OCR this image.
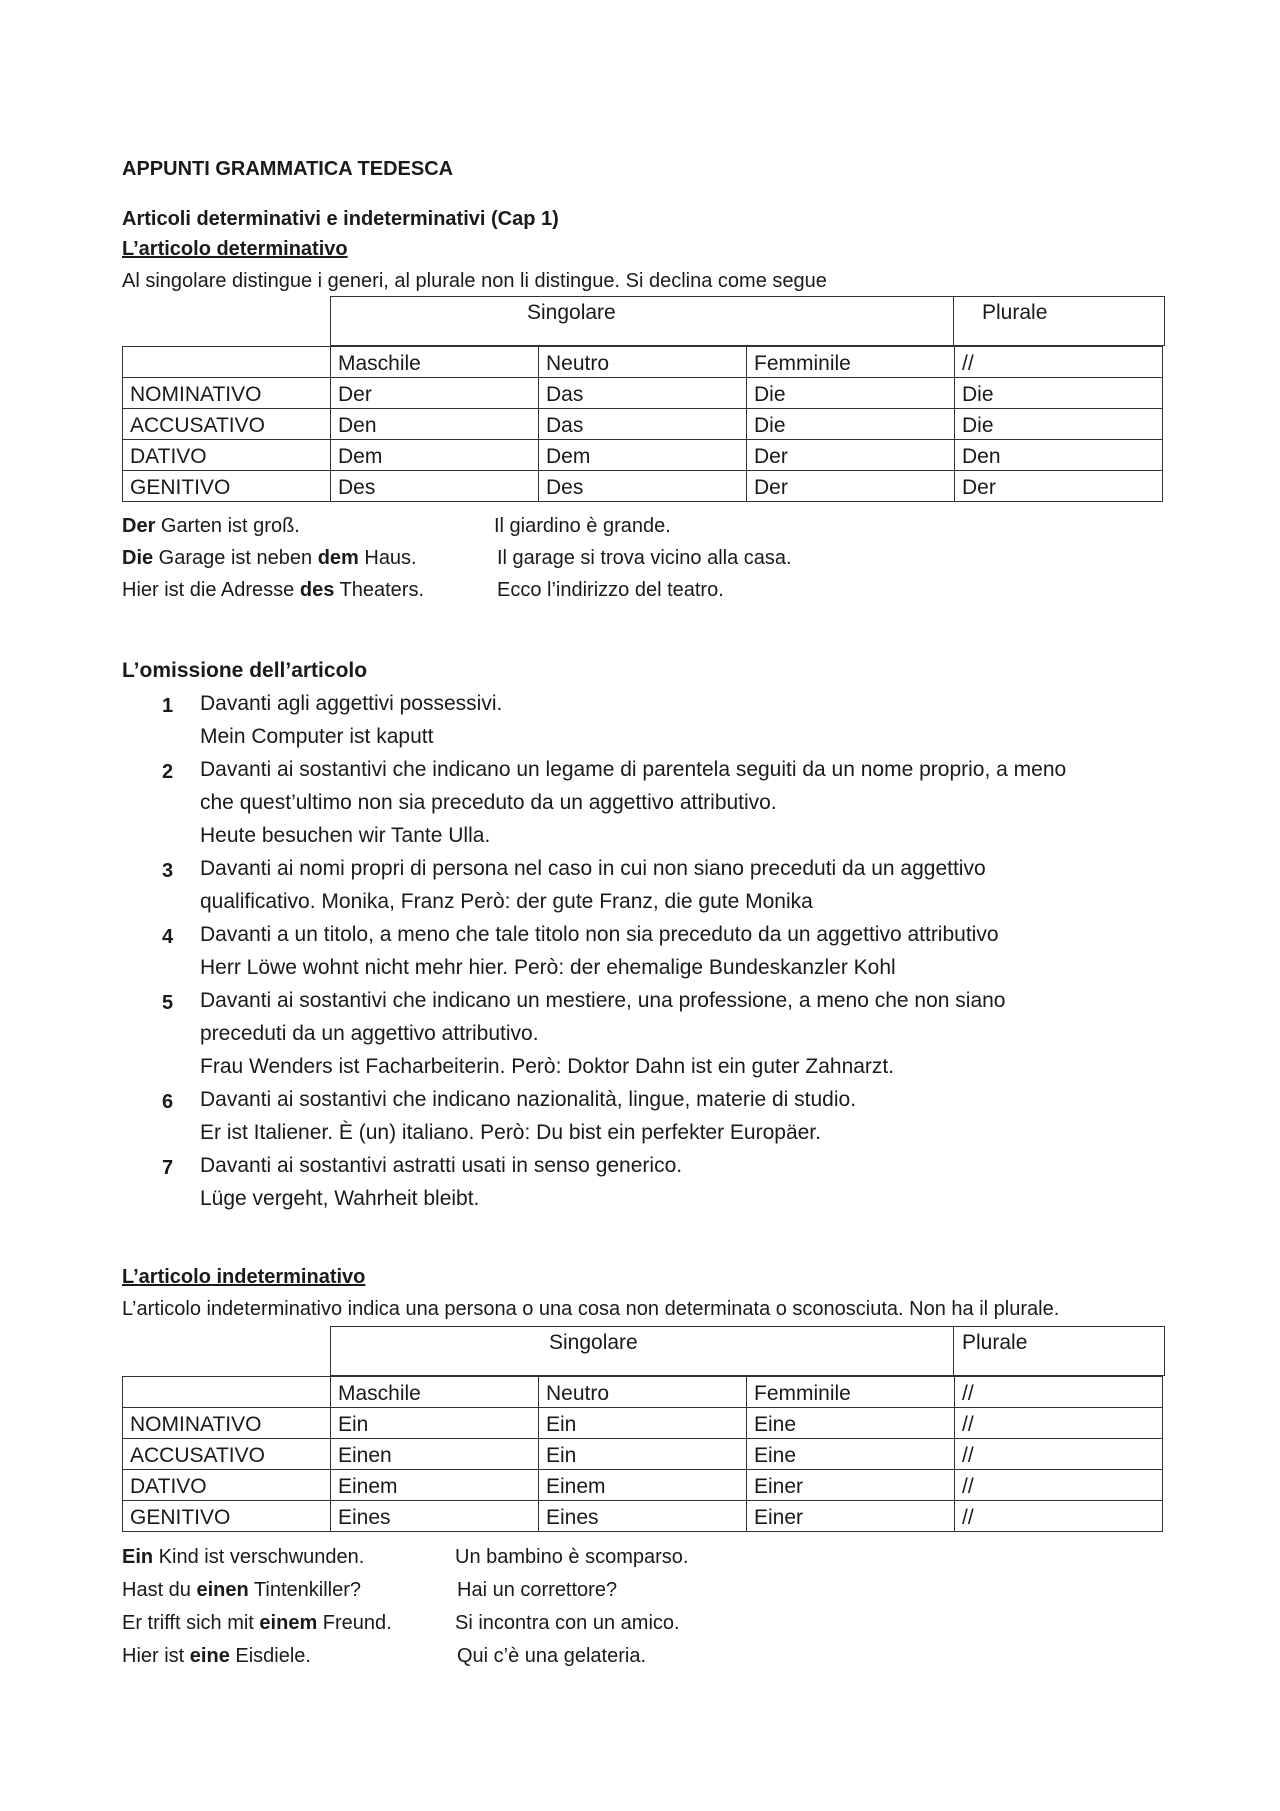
APPUNTI GRAMMATICA TEDESCA
Articoli determinativi e indeterminativi (Cap 1)
L’articolo determinativo
Al singolare distingue i generi, al plurale non li distingue. Si declina come segue
Singolare	Plurale
	Maschile	Neutro	Femminile	//
NOMINATIVO	Der	Das	Die	Die
ACCUSATIVO	Den	Das	Die	Die
DATIVO	Dem	Dem	Der	Den
GENITIVO	Des	Des	Der	Der
Der Garten ist groß.	Il giardino è grande.
Die Garage ist neben dem Haus.	Il garage si trova vicino alla casa.
Hier ist die Adresse des Theaters.	Ecco l’indirizzo del teatro.
L’omissione dell’articolo
1 Davanti agli aggettivi possessivi.
Mein Computer ist kaputt
2 Davanti ai sostantivi che indicano un legame di parentela seguiti da un nome proprio, a meno
che quest’ultimo non sia preceduto da un aggettivo attributivo.
Heute besuchen wir Tante Ulla.
3 Davanti ai nomi propri di persona nel caso in cui non siano preceduti da un aggettivo
qualificativo. Monika, Franz Però: der gute Franz, die gute Monika
4 Davanti a un titolo, a meno che tale titolo non sia preceduto da un aggettivo attributivo
Herr Löwe wohnt nicht mehr hier. Però: der ehemalige Bundeskanzler Kohl
5 Davanti ai sostantivi che indicano un mestiere, una professione, a meno che non siano
preceduti da un aggettivo attributivo.
Frau Wenders ist Facharbeiterin. Però: Doktor Dahn ist ein guter Zahnarzt.
6 Davanti ai sostantivi che indicano nazionalità, lingue, materie di studio.
Er ist Italiener. È (un) italiano. Però: Du bist ein perfekter Europäer.
7 Davanti ai sostantivi astratti usati in senso generico.
Lüge vergeht, Wahrheit bleibt.
L’articolo indeterminativo
L’articolo indeterminativo indica una persona o una cosa non determinata o sconosciuta. Non ha il plurale.
Singolare	Plurale
	Maschile	Neutro	Femminile	//
NOMINATIVO	Ein	Ein	Eine	//
ACCUSATIVO	Einen	Ein	Eine	//
DATIVO	Einem	Einem	Einer	//
GENITIVO	Eines	Eines	Einer	//
Ein Kind ist verschwunden.	Un bambino è scomparso.
Hast du einen Tintenkiller?	Hai un correttore?
Er trifft sich mit einem Freund.	Si incontra con un amico.
Hier ist eine Eisdiele.	Qui c’è una gelateria.
